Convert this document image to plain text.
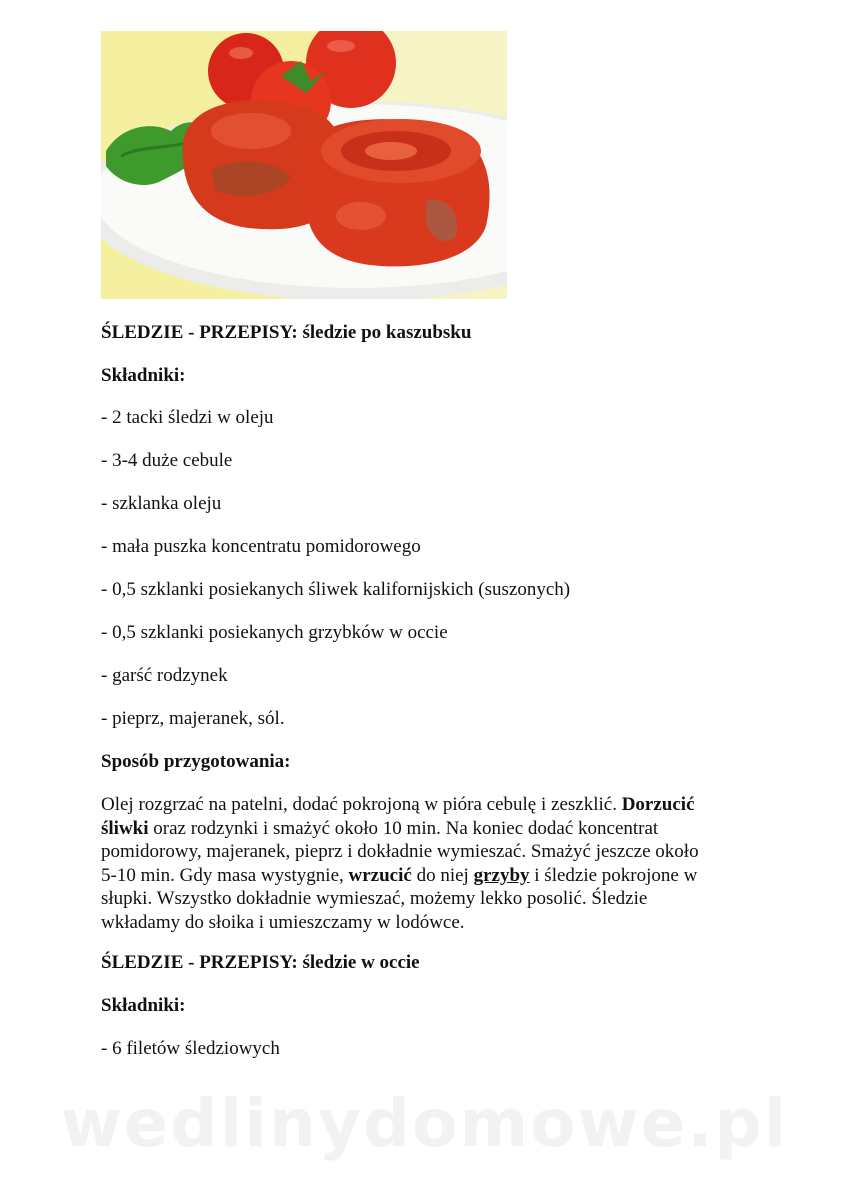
ŚLEDZIE - PRZEPISY: śledzie po kaszubsku
Składniki:
- 2 tacki śledzi w oleju
- 3-4 duże cebule
- szklanka oleju
- mała puszka koncentratu pomidorowego
- 0,5 szklanki posiekanych śliwek kalifornijskich (suszonych)
- 0,5 szklanki posiekanych grzybków w occie
- garść rodzynek
- pieprz, majeranek, sól.
Sposób przygotowania:
Olej rozgrzać na patelni, dodać pokrojoną w pióra cebulę i zeszklić. Dorzucić
śliwki oraz rodzynki i smażyć około 10 min. Na koniec dodać koncentrat
pomidorowy, majeranek, pieprz i dokładnie wymieszać. Smażyć jeszcze około
5-10 min. Gdy masa wystygnie, wrzucić do niej grzyby i śledzie pokrojone w
słupki. Wszystko dokładnie wymieszać, możemy lekko posolić. Śledzie
wkładamy do słoika i umieszczamy w lodówce.
ŚLEDZIE - PRZEPISY: śledzie w occie
Składniki:
- 6 filetów śledziowych
wedlinydomowe.pl
